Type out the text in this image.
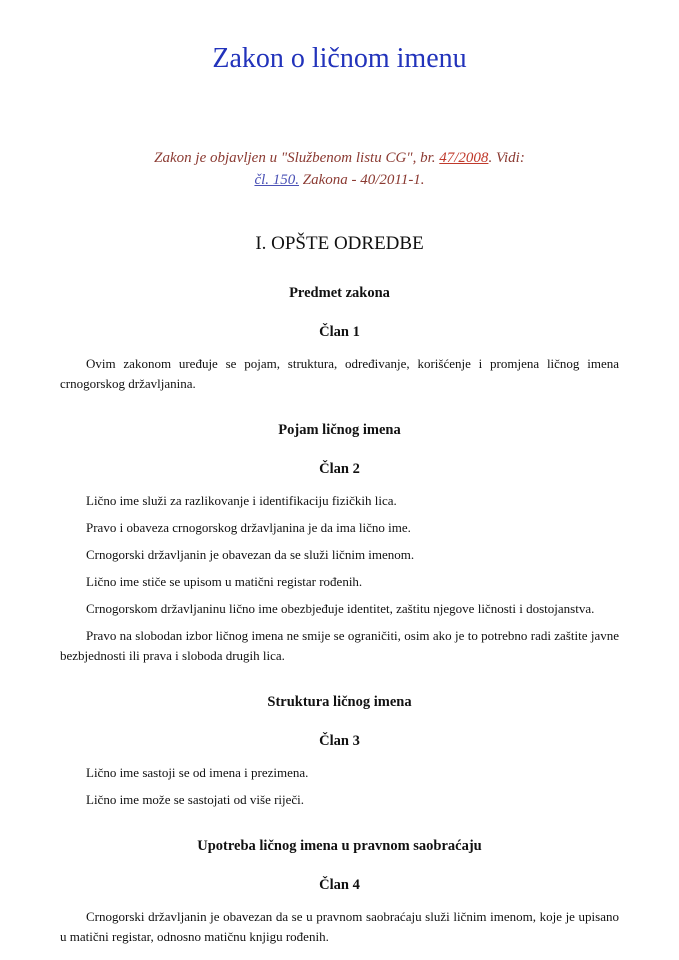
Zakon o ličnom imenu
Zakon je objavljen u "Službenom listu CG", br. 47/2008. Vidi:
čl. 150. Zakona - 40/2011-1.
I. OPŠTE ODREDBE
Predmet zakona
Član 1

Ovim zakonom uređuje se pojam, struktura, određivanje, korišćenje i promjena ličnog imena crnogorskog državljanina.

Pojam ličnog imena
Član 2

Lično ime služi za razlikovanje i identifikaciju fizičkih lica.

Pravo i obaveza crnogorskog državljanina je da ima lično ime.

Crnogorski državljanin je obavezan da se služi ličnim imenom.

Lično ime stiče se upisom u matični registar rođenih.

Crnogorskom državljaninu lično ime obezbjeđuje identitet, zaštitu njegove ličnosti i dostojanstva.

Pravo na slobodan izbor ličnog imena ne smije se ograničiti, osim ako je to potrebno radi zaštite javne bezbjednosti ili prava i sloboda drugih lica.

Struktura ličnog imena
Član 3

Lično ime sastoji se od imena i prezimena.

Lično ime može se sastojati od više riječi.

Upotreba ličnog imena u pravnom saobraćaju
Član 4

Crnogorski državljanin je obavezan da se u pravnom saobraćaju služi ličnim imenom, koje je upisano u matični registar, odnosno matičnu knjigu rođenih.
